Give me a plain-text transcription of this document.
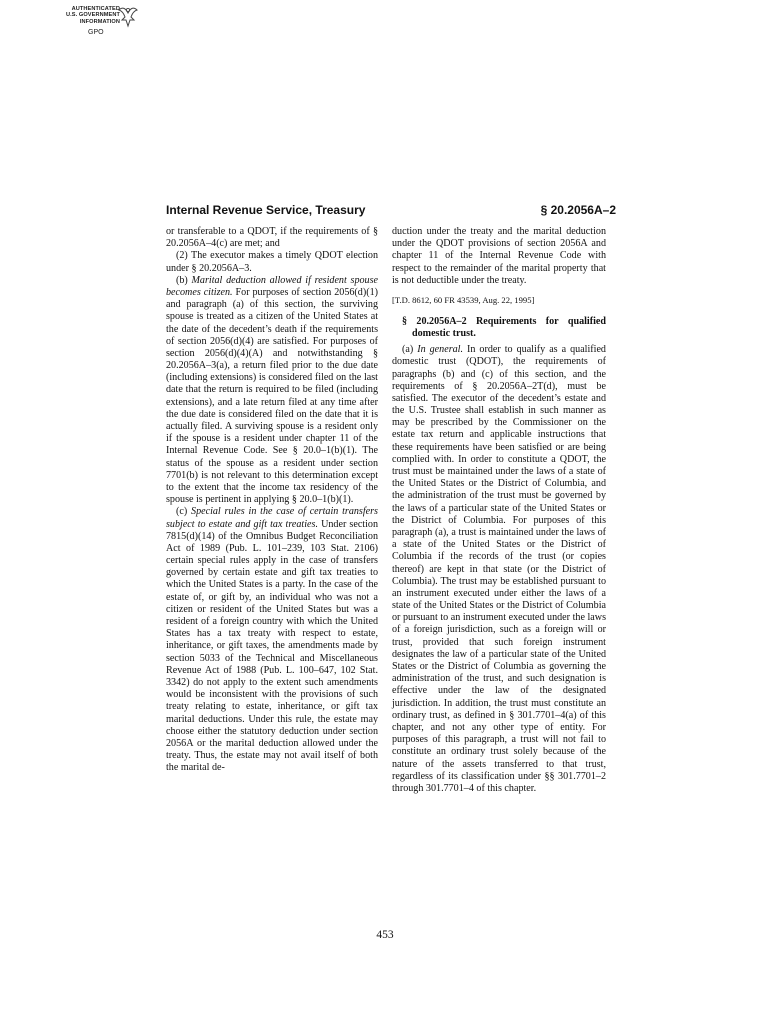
AUTHENTICATED
U.S. GOVERNMENT
INFORMATION
GPO
Internal Revenue Service, Treasury	§ 20.2056A–2

or transferable to a QDOT, if the requirements of § 20.2056A–4(c) are met; and

(2) The executor makes a timely QDOT election under § 20.2056A–3.

(b) Marital deduction allowed if resident spouse becomes citizen. For purposes of section 2056(d)(1) and paragraph (a) of this section, the surviving spouse is treated as a citizen of the United States at the date of the decedent’s death if the requirements of section 2056(d)(4) are satisfied. For purposes of section 2056(d)(4)(A) and notwithstanding § 20.2056A–3(a), a return filed prior to the due date (including extensions) is considered filed on the last date that the return is required to be filed (including extensions), and a late return filed at any time after the due date is considered filed on the date that it is actually filed. A surviving spouse is a resident only if the spouse is a resident under chapter 11 of the Internal Revenue Code. See § 20.0–1(b)(1). The status of the spouse as a resident under section 7701(b) is not relevant to this determination except to the extent that the income tax residency of the spouse is pertinent in applying § 20.0–1(b)(1).

(c) Special rules in the case of certain transfers subject to estate and gift tax treaties. Under section 7815(d)(14) of the Omnibus Budget Reconciliation Act of 1989 (Pub. L. 101–239, 103 Stat. 2106) certain special rules apply in the case of transfers governed by certain estate and gift tax treaties to which the United States is a party. In the case of the estate of, or gift by, an individual who was not a citizen or resident of the United States but was a resident of a foreign country with which the United States has a tax treaty with respect to estate, inheritance, or gift taxes, the amendments made by section 5033 of the Technical and Miscellaneous Revenue Act of 1988 (Pub. L. 100–647, 102 Stat. 3342) do not apply to the extent such amendments would be inconsistent with the provisions of such treaty relating to estate, inheritance, or gift tax marital deductions. Under this rule, the estate may choose either the statutory deduction under section 2056A or the marital deduction allowed under the treaty. Thus, the estate may not avail itself of both the marital de-

duction under the treaty and the marital deduction under the QDOT provisions of section 2056A and chapter 11 of the Internal Revenue Code with respect to the remainder of the marital property that is not deductible under the treaty.

[T.D. 8612, 60 FR 43539, Aug. 22, 1995]

§ 20.2056A–2 Requirements for qualified domestic trust.

(a) In general. In order to qualify as a qualified domestic trust (QDOT), the requirements of paragraphs (b) and (c) of this section, and the requirements of § 20.2056A–2T(d), must be satisfied. The executor of the decedent’s estate and the U.S. Trustee shall establish in such manner as may be prescribed by the Commissioner on the estate tax return and applicable instructions that these requirements have been satisfied or are being complied with. In order to constitute a QDOT, the trust must be maintained under the laws of a state of the United States or the District of Columbia, and the administration of the trust must be governed by the laws of a particular state of the United States or the District of Columbia. For purposes of this paragraph (a), a trust is maintained under the laws of a state of the United States or the District of Columbia if the records of the trust (or copies thereof) are kept in that state (or the District of Columbia). The trust may be established pursuant to an instrument executed under either the laws of a state of the United States or the District of Columbia or pursuant to an instrument executed under the laws of a foreign jurisdiction, such as a foreign will or trust, provided that such foreign instrument designates the law of a particular state of the United States or the District of Columbia as governing the administration of the trust, and such designation is effective under the law of the designated jurisdiction. In addition, the trust must constitute an ordinary trust, as defined in § 301.7701–4(a) of this chapter, and not any other type of entity. For purposes of this paragraph, a trust will not fail to constitute an ordinary trust solely because of the nature of the assets transferred to that trust, regardless of its classification under §§ 301.7701–2 through 301.7701–4 of this chapter.

453
